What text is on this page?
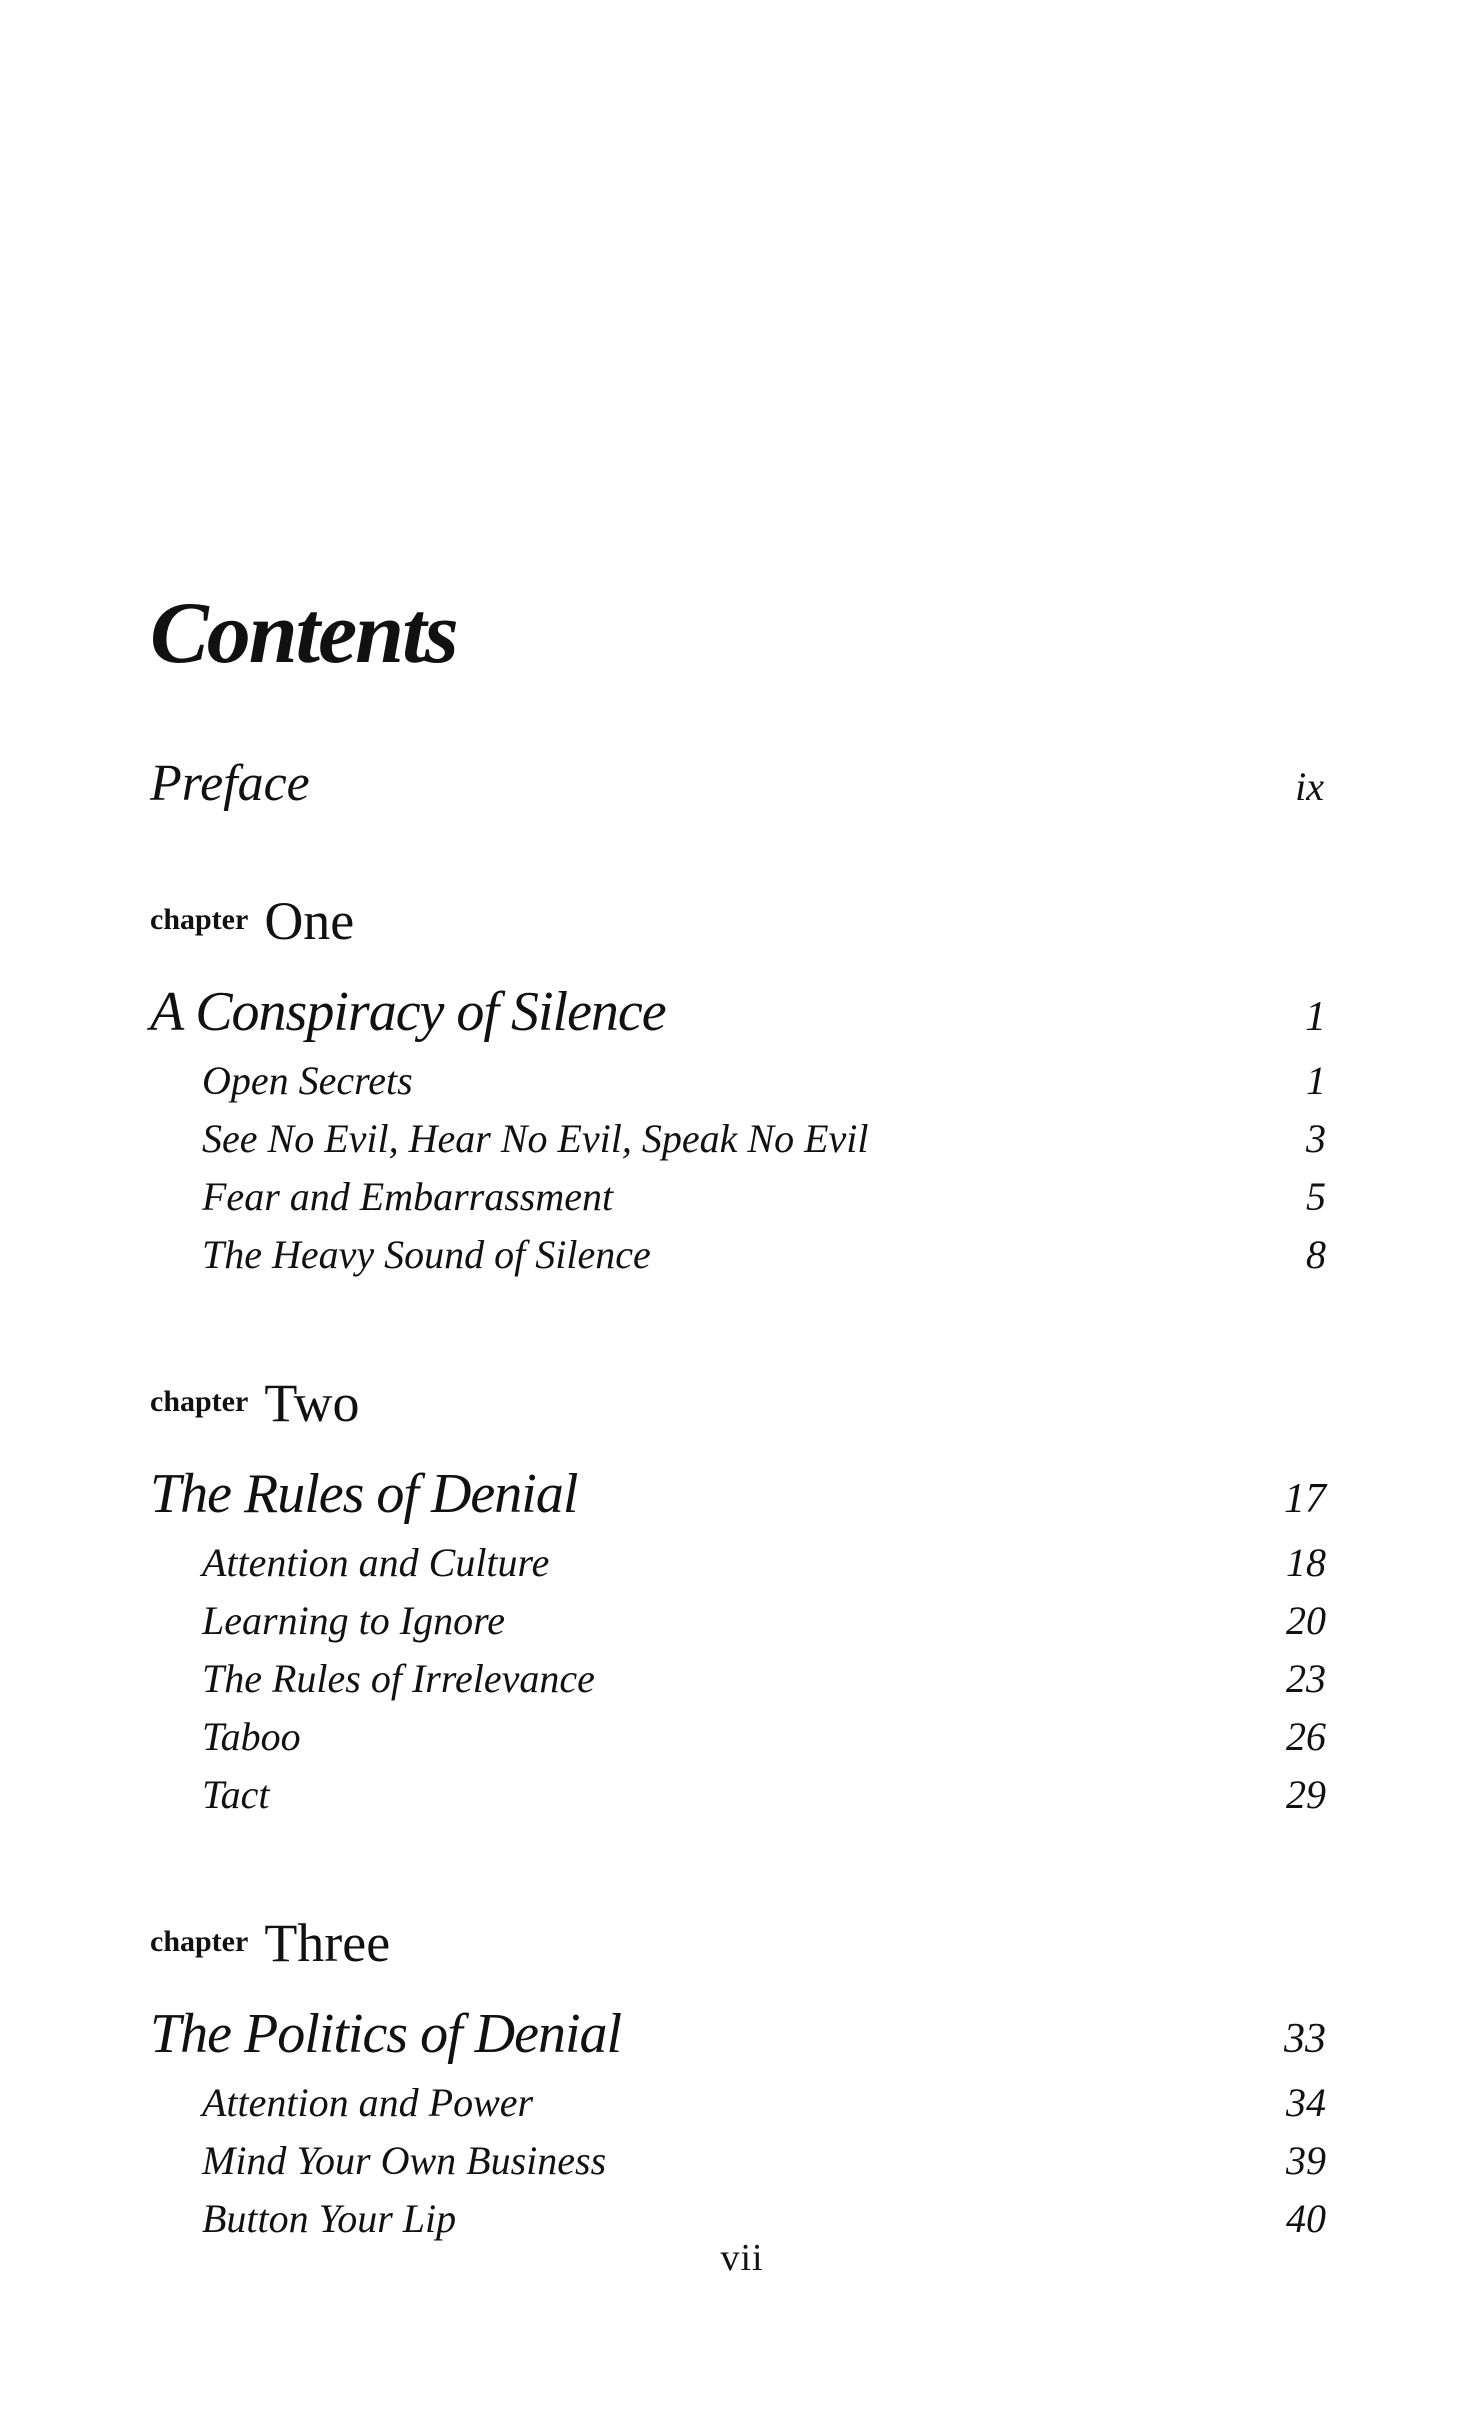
Contents
Preface	ix
chapter One
A Conspiracy of Silence	1
Open Secrets	1
See No Evil, Hear No Evil, Speak No Evil	3
Fear and Embarrassment	5
The Heavy Sound of Silence	8
chapter Two
The Rules of Denial	17
Attention and Culture	18
Learning to Ignore	20
The Rules of Irrelevance	23
Taboo	26
Tact	29
chapter Three
The Politics of Denial	33
Attention and Power	34
Mind Your Own Business	39
Button Your Lip	40
vii
